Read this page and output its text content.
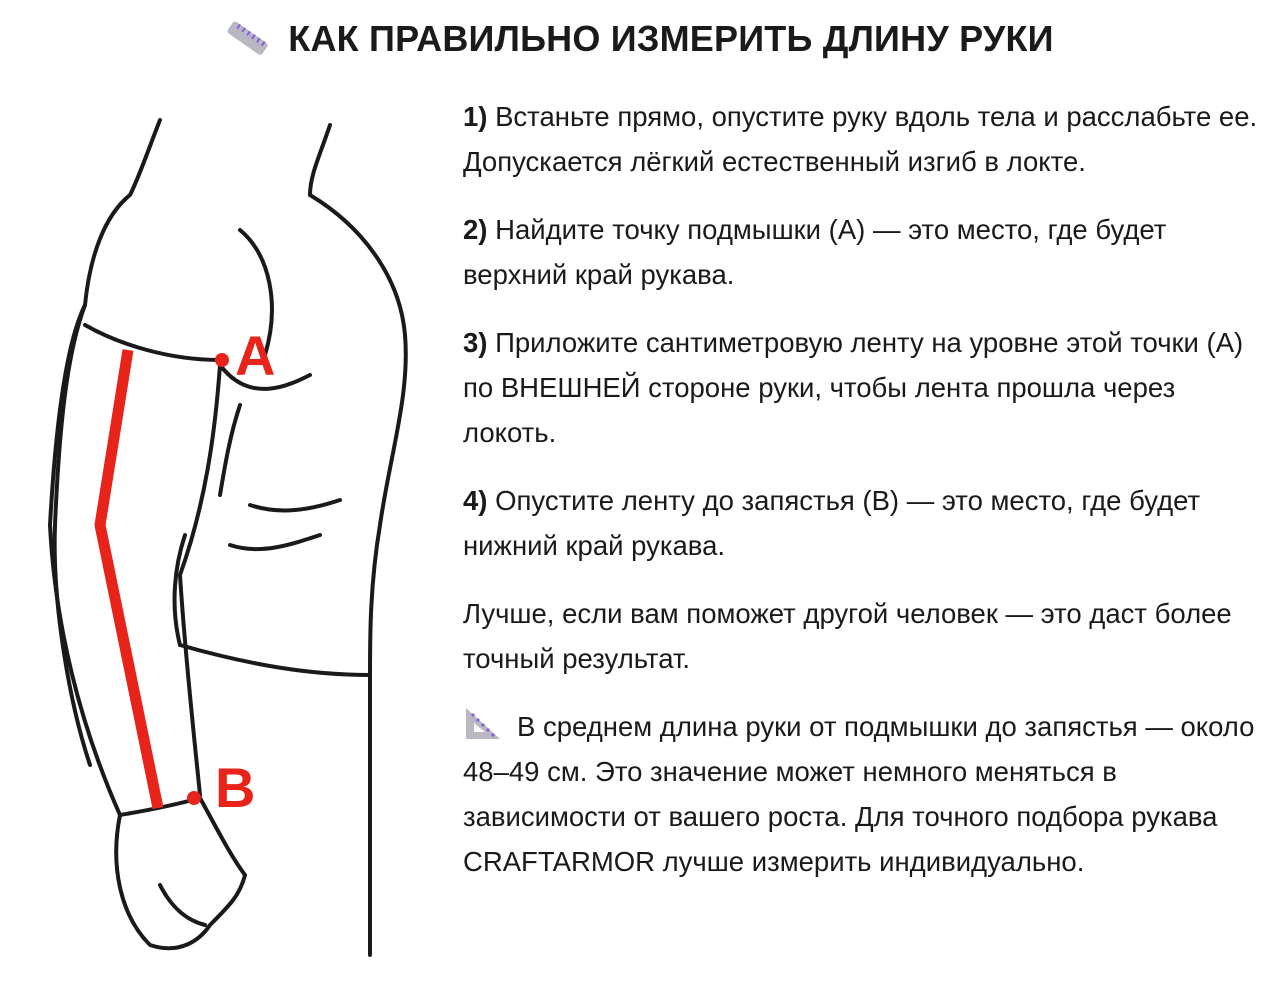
КАК ПРАВИЛЬНО ИЗМЕРИТЬ ДЛИНУ РУКИ
A
B

1) Встаньте прямо, опустите руку вдоль тела и расслабьте ее. Допускается лёгкий естественный изгиб в локте.

2) Найдите точку подмышки (А) — это место, где будет верхний край рукава.

3) Приложите сантиметровую ленту на уровне этой точки (А) по ВНЕШНЕЙ стороне руки, чтобы лента прошла через локоть.

4) Опустите ленту до запястья (В) — это место, где будет нижний край рукава.

Лучше, если вам поможет другой человек — это даст более точный результат.

В среднем длина руки от подмышки до запястья — около 48–49 см. Это значение может немного меняться в зависимости от вашего роста. Для точного подбора рукава CRAFTARMOR лучше измерить индивидуально.
